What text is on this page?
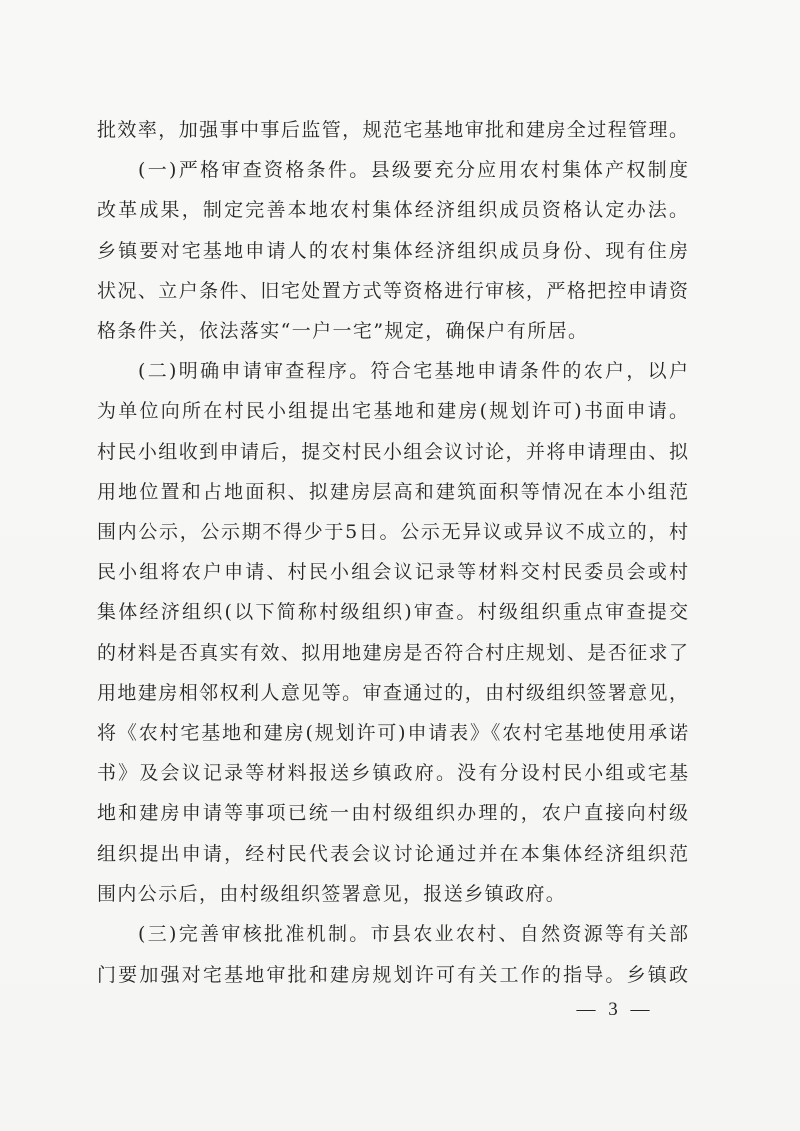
批效率，加强事中事后监管，规范宅基地审批和建房全过程管理。
(一)严格审查资格条件。县级要充分应用农村集体产权制度
改革成果，制定完善本地农村集体经济组织成员资格认定办法。
乡镇要对宅基地申请人的农村集体经济组织成员身份、现有住房
状况、立户条件、旧宅处置方式等资格进行审核，严格把控申请资
格条件关，依法落实“一户一宅”规定，确保户有所居。
(二)明确申请审查程序。符合宅基地申请条件的农户，以户
为单位向所在村民小组提出宅基地和建房(规划许可)书面申请。
村民小组收到申请后，提交村民小组会议讨论，并将申请理由、拟
用地位置和占地面积、拟建房层高和建筑面积等情况在本小组范
围内公示，公示期不得少于5日。公示无异议或异议不成立的，村
民小组将农户申请、村民小组会议记录等材料交村民委员会或村
集体经济组织(以下简称村级组织)审查。村级组织重点审查提交
的材料是否真实有效、拟用地建房是否符合村庄规划、是否征求了
用地建房相邻权利人意见等。审查通过的，由村级组织签署意见，
将《农村宅基地和建房(规划许可)申请表》《农村宅基地使用承诺
书》及会议记录等材料报送乡镇政府。没有分设村民小组或宅基
地和建房申请等事项已统一由村级组织办理的，农户直接向村级
组织提出申请，经村民代表会议讨论通过并在本集体经济组织范
围内公示后，由村级组织签署意见，报送乡镇政府。
(三)完善审核批准机制。市县农业农村、自然资源等有关部
门要加强对宅基地审批和建房规划许可有关工作的指导。乡镇政
— 3 —
